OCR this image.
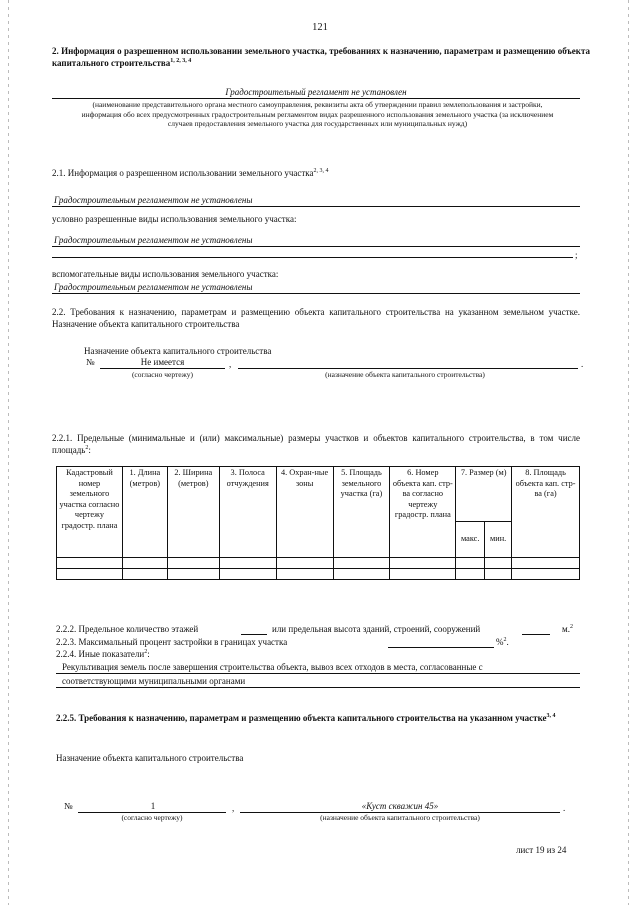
121
2. Информация о разрешенном использовании земельного участка, требованиях к назначению, параметрам и размещению объекта капитального строительства$^{1, 2, 3, 4}$
Градостроительный регламент не установлен
(наименование представительного органа местного самоуправления, реквизиты акта об утверждении правил землепользования и застройки, информация обо всех предусмотренных градостроительным регламентом видах разрешенного использования земельного участка (за исключением случаев предоставления земельного участка для государственных или муниципальных нужд)
2.1. Информация о разрешенном использовании земельного участка$^{2, 3, 4}$
Градостроительным регламентом не установлены
условно разрешенные виды использования земельного участка:
Градостроительным регламентом не установлены
;
вспомогательные виды использования земельного участка:
Градостроительным регламентом не установлены
2.2. Требования к назначению, параметрам и размещению объекта капитального строительства на указанном земельном участке. Назначение объекта капитального строительства
Назначение объекта капитального строительства
№	Не имеется	,	.
(согласно чертежу)	(назначение объекта капитального строительства)
2.2.1. Предельные (минимальные и (или) максимальные) размеры участков и объектов капитального строительства, в том числе площадь$^2$:
Кадастровый номер земельного участка согласно чертежу градостр. плана	1. Длина (метров)	2. Ширина (метров)	3. Полоса отчуждения	4. Охран-ные зоны	5. Площадь земельного участка (га)	6. Номер объекта кап. стр-ва согласно чертежу градостр. плана	7. Размер (м)		8. Площадь объекта кап. стр-ва (га)
							макс.	мин.	

2.2.2. Предельное количество этажей	или предельная высота зданий, строений, сооружений	м.$^2$
2.2.3. Максимальный процент застройки в границах участка	%$^2$.
2.2.4. Иные показатели$^2$:
Рекультивация земель после завершения строительства объекта, вывоз всех отходов в места, согласованные с
соответствующими муниципальными органами
2.2.5. Требования к назначению, параметрам и размещению объекта капитального строительства на указанном участке$^{3, 4}$
Назначение объекта капитального строительства
№	1	,	«Куст скважин 45»	.
(согласно чертежу)	(назначение объекта капитального строительства)
лист 19 из 24
